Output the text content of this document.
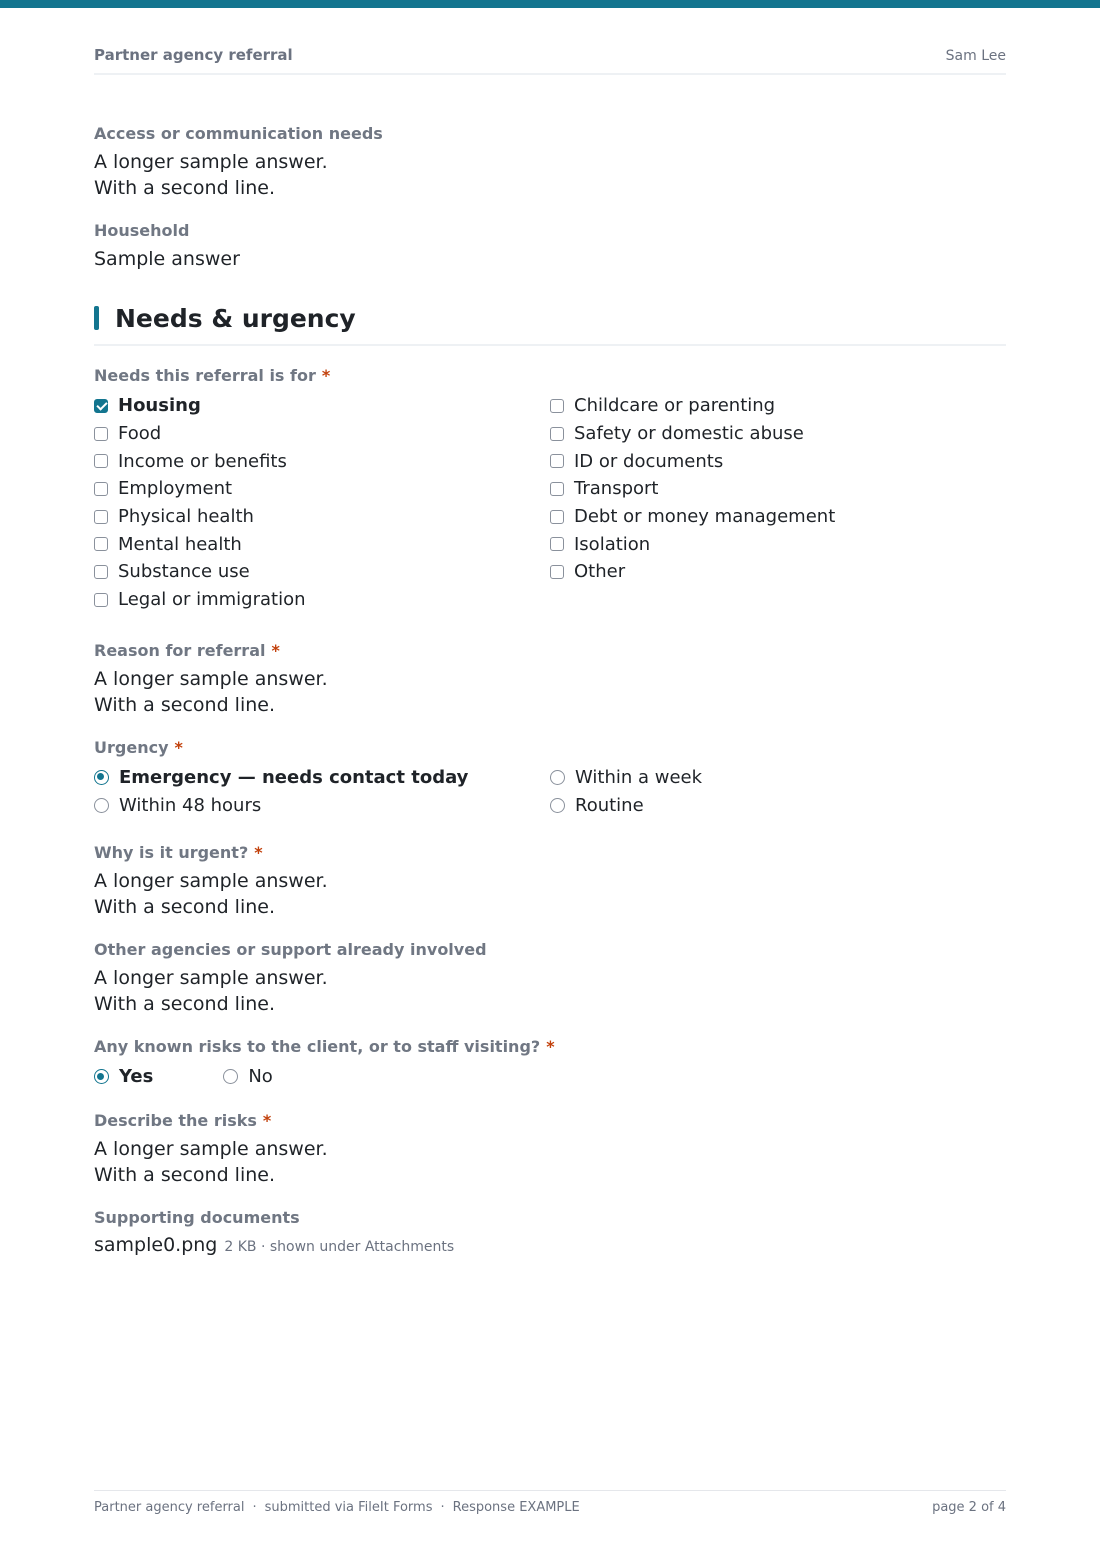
Partner agency referral	Sam Lee

Access or communication needs

A longer sample answer.
With a second line.

Household

Sample answer
Needs & urgency

Needs this referral is for *

Housing	Childcare or parenting
Food	Safety or domestic abuse
Income or benefits	ID or documents
Employment	Transport
Physical health	Debt or money management
Mental health	Isolation
Substance use	Other
Legal or immigration

Reason for referral *

A longer sample answer.
With a second line.

Urgency *

Emergency — needs contact today	Within a week
Within 48 hours	Routine

Why is it urgent? *

A longer sample answer.
With a second line.

Other agencies or support already involved

A longer sample answer.
With a second line.

Any known risks to the client, or to staff visiting? *

Yes	No

Describe the risks *

A longer sample answer.
With a second line.

Supporting documents

sample0.png 2 KB · shown under Attachments
Partner agency referral · submitted via FileIt Forms · Response EXAMPLE	page 2 of 4
